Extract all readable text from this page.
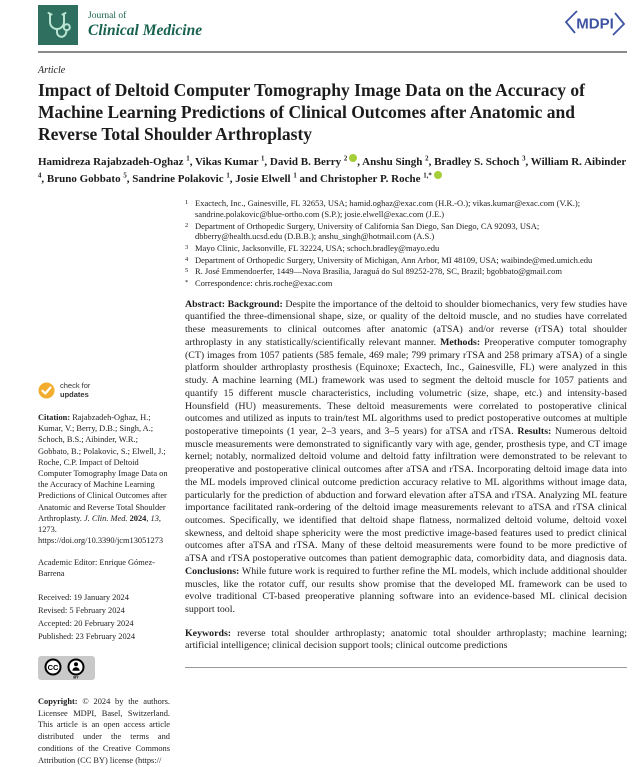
Journal of
Clinical Medicine	MDPI
Article
Impact of Deltoid Computer Tomography Image Data on the Accuracy of Machine Learning Predictions of Clinical Outcomes after Anatomic and Reverse Total Shoulder Arthroplasty
Hamidreza Rajabzadeh-Oghaz $^1$, Vikas Kumar $^1$, David B. Berry $^2$ , Anshu Singh $^2$, Bradley S. Schoch $^3$, William R. Aibinder $^4$, Bruno Gobbato $^5$, Sandrine Polakovic $^1$, Josie Elwell $^1$ and Christopher P. Roche $^{1,*}$
check for
updates

Citation: Rajabzadeh-Oghaz, H.; Kumar, V.; Berry, D.B.; Singh, A.; Schoch, B.S.; Aibinder, W.R.; Gobbato, B.; Polakovic, S.; Elwell, J.; Roche, C.P. Impact of Deltoid Computer Tomography Image Data on the Accuracy of Machine Learning Predictions of Clinical Outcomes after Anatomic and Reverse Total Shoulder Arthroplasty. J. Clin. Med. 2024, 13, 1273. https://doi.org/10.3390/jcm13051273

Academic Editor: Enrique Gómez-Barrena

Received: 19 January 2024
Revised: 5 February 2024
Accepted: 20 February 2024
Published: 23 February 2024
CC
BY

Copyright: © 2024 by the authors. Licensee MDPI, Basel, Switzerland. This article is an open access article distributed under the terms and conditions of the Creative Commons Attribution (CC BY) license (https://

1 Exactech, Inc., Gainesville, FL 32653, USA; hamid.oghaz@exac.com (H.R.-O.); vikas.kumar@exac.com (V.K.); sandrine.polakovic@blue-ortho.com (S.P.); josie.elwell@exac.com (J.E.)
2 Department of Orthopedic Surgery, University of California San Diego, San Diego, CA 92093, USA; dbberry@health.ucsd.edu (D.B.B.); anshu_singh@hotmail.com (A.S.)
3 Mayo Clinic, Jacksonville, FL 32224, USA; schoch.bradley@mayo.edu
4 Department of Orthopedic Surgery, University of Michigan, Ann Arbor, MI 48109, USA; waibinde@med.umich.edu
5 R. José Emmendoerfer, 1449—Nova Brasília, Jaraguá do Sul 89252-278, SC, Brazil; bgobbato@gmail.com
* Correspondence: chris.roche@exac.com

Abstract: Background: Despite the importance of the deltoid to shoulder biomechanics, very few studies have quantified the three-dimensional shape, size, or quality of the deltoid muscle, and no studies have correlated these measurements to clinical outcomes after anatomic (aTSA) and/or reverse (rTSA) total shoulder arthroplasty in any statistically/scientifically relevant manner. Methods: Preoperative computer tomography (CT) images from 1057 patients (585 female, 469 male; 799 primary rTSA and 258 primary aTSA) of a single platform shoulder arthroplasty prosthesis (Equinoxe; Exactech, Inc., Gainesville, FL) were analyzed in this study. A machine learning (ML) framework was used to segment the deltoid muscle for 1057 patients and quantify 15 different muscle characteristics, including volumetric (size, shape, etc.) and intensity-based Hounsfield (HU) measurements. These deltoid measurements were correlated to postoperative clinical outcomes and utilized as inputs to train/test ML algorithms used to predict postoperative outcomes at multiple postoperative timepoints (1 year, 2–3 years, and 3–5 years) for aTSA and rTSA. Results: Numerous deltoid muscle measurements were demonstrated to significantly vary with age, gender, prosthesis type, and CT image kernel; notably, normalized deltoid volume and deltoid fatty infiltration were demonstrated to be relevant to preoperative and postoperative clinical outcomes after aTSA and rTSA. Incorporating deltoid image data into the ML models improved clinical outcome prediction accuracy relative to ML algorithms without image data, particularly for the prediction of abduction and forward elevation after aTSA and rTSA. Analyzing ML feature importance facilitated rank-ordering of the deltoid image measurements relevant to aTSA and rTSA clinical outcomes. Specifically, we identified that deltoid shape flatness, normalized deltoid volume, deltoid voxel skewness, and deltoid shape sphericity were the most predictive image-based features used to predict clinical outcomes after aTSA and rTSA. Many of these deltoid measurements were found to be more predictive of aTSA and rTSA postoperative outcomes than patient demographic data, comorbidity data, and diagnosis data. Conclusions: While future work is required to further refine the ML models, which include additional shoulder muscles, like the rotator cuff, our results show promise that the developed ML framework can be used to evolve traditional CT-based preoperative planning software into an evidence-based ML clinical decision support tool.

Keywords: reverse total shoulder arthroplasty; anatomic total shoulder arthroplasty; machine learning; artificial intelligence; clinical decision support tools; clinical outcome predictions
